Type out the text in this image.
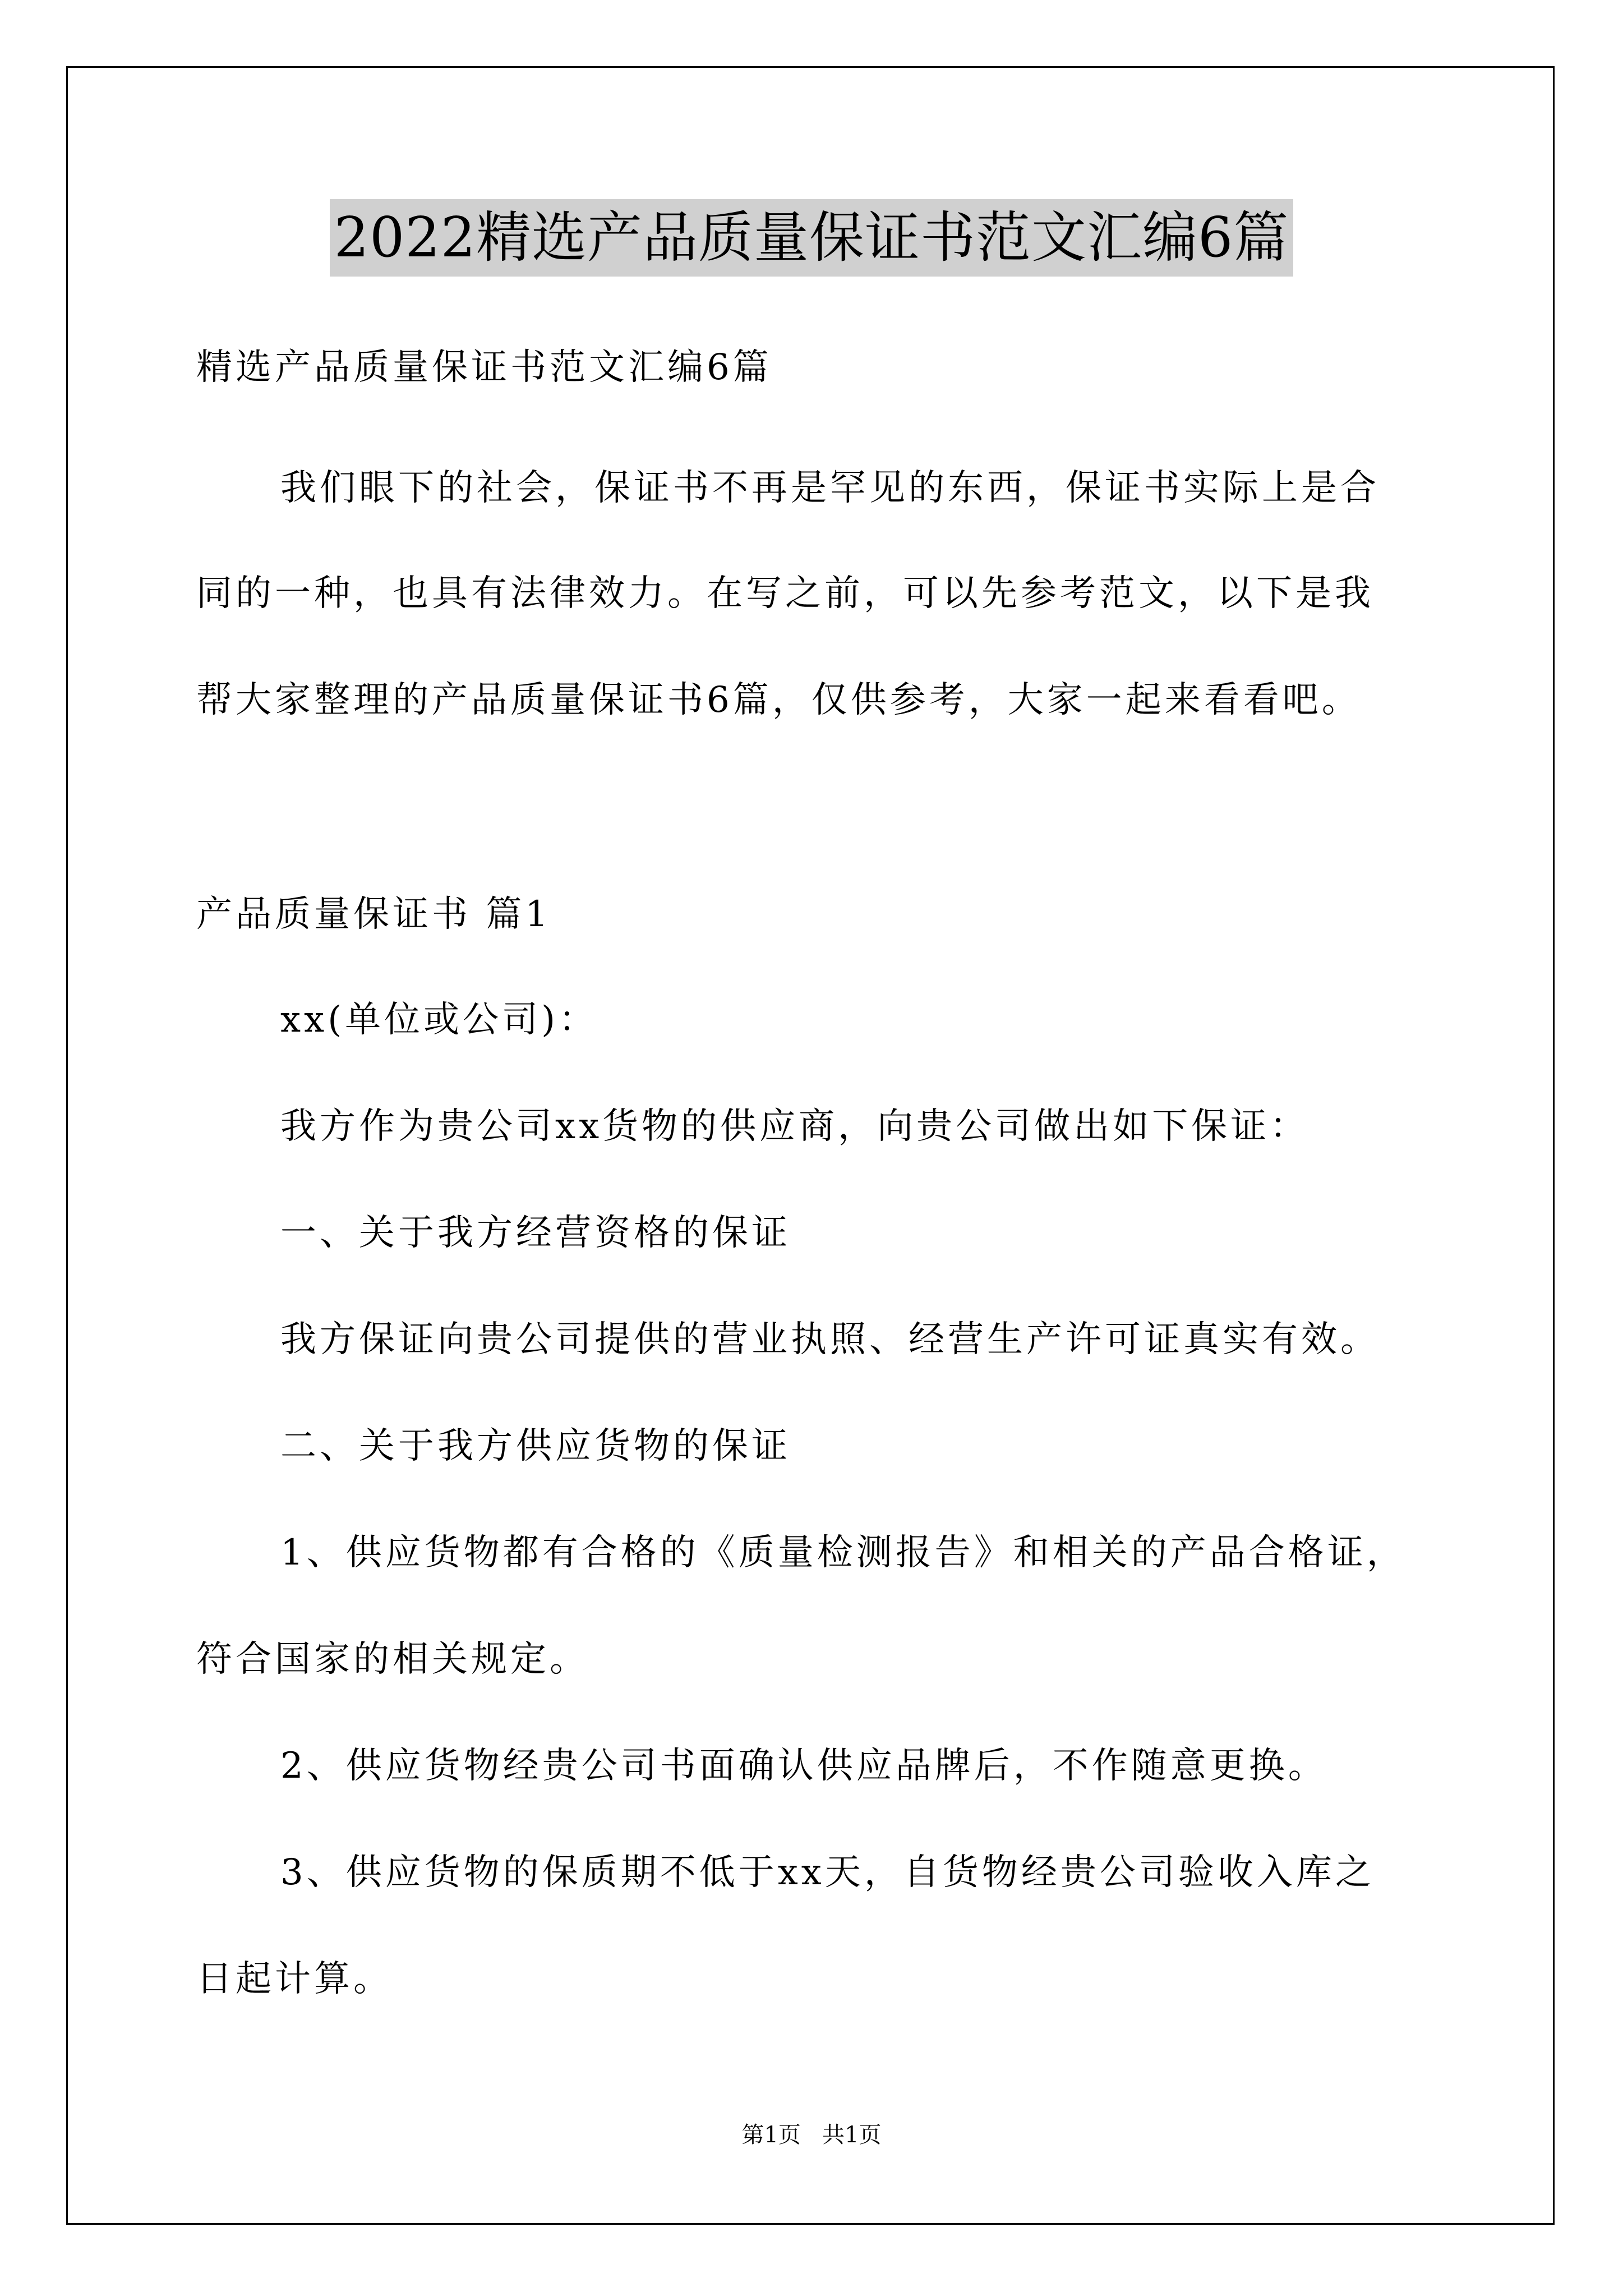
2022精选产品质量保证书范文汇编6篇
精选产品质量保证书范文汇编6篇
我们眼下的社会，保证书不再是罕见的东西，保证书实际上是合
同的一种，也具有法律效力。在写之前，可以先参考范文，以下是我
帮大家整理的产品质量保证书6篇，仅供参考，大家一起来看看吧。
产品质量保证书 篇1
xx(单位或公司)：
我方作为贵公司xx货物的供应商，向贵公司做出如下保证：
一、关于我方经营资格的保证
我方保证向贵公司提供的营业执照、经营生产许可证真实有效。
二、关于我方供应货物的保证
1、供应货物都有合格的《质量检测报告》和相关的产品合格证，
符合国家的相关规定。
2、供应货物经贵公司书面确认供应品牌后，不作随意更换。
3、供应货物的保质期不低于xx天，自货物经贵公司验收入库之
日起计算。
第1页   共1页
